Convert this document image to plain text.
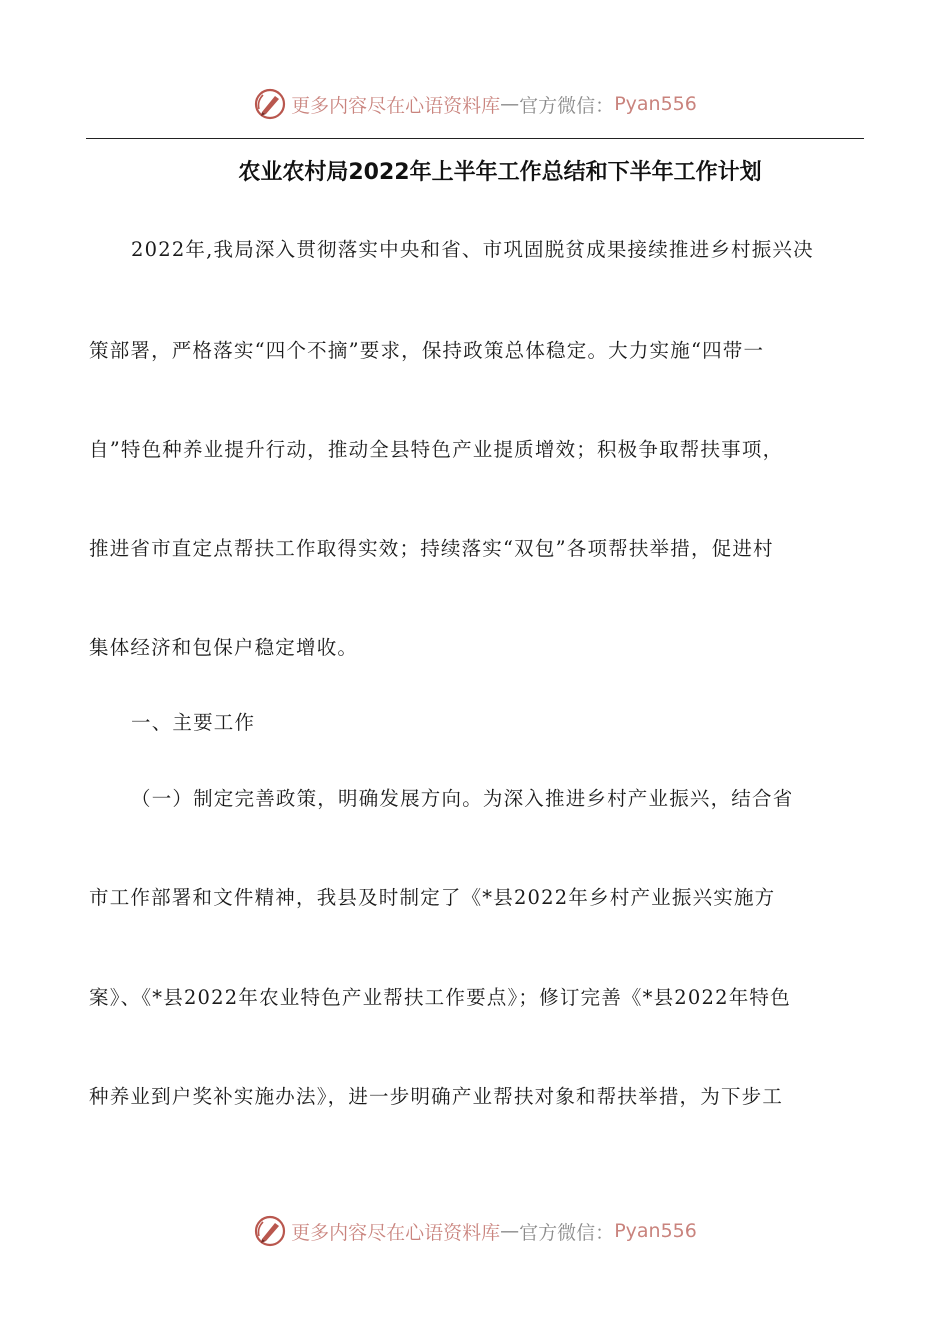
更多内容尽在心语资料库 — 官方微信： Pyan556
农业农村局2022年上半年工作总结和下半年工作计划
2022年,我局深入贯彻落实中央和省、市巩固脱贫成果接续推进乡村振兴决
策部署，严格落实“四个不摘”要求，保持政策总体稳定。大力实施“四带一
自”特色种养业提升行动，推动全县特色产业提质增效；积极争取帮扶事项，
推进省市直定点帮扶工作取得实效；持续落实“双包”各项帮扶举措，促进村
集体经济和包保户稳定增收。
一、主要工作
（一）制定完善政策，明确发展方向。为深入推进乡村产业振兴，结合省
市工作部署和文件精神，我县及时制定了《*县2022年乡村产业振兴实施方
案》、《*县2022年农业特色产业帮扶工作要点》；修订完善《*县2022年特色
种养业到户奖补实施办法》，进一步明确产业帮扶对象和帮扶举措，为下步工
更多内容尽在心语资料库 — 官方微信： Pyan556
